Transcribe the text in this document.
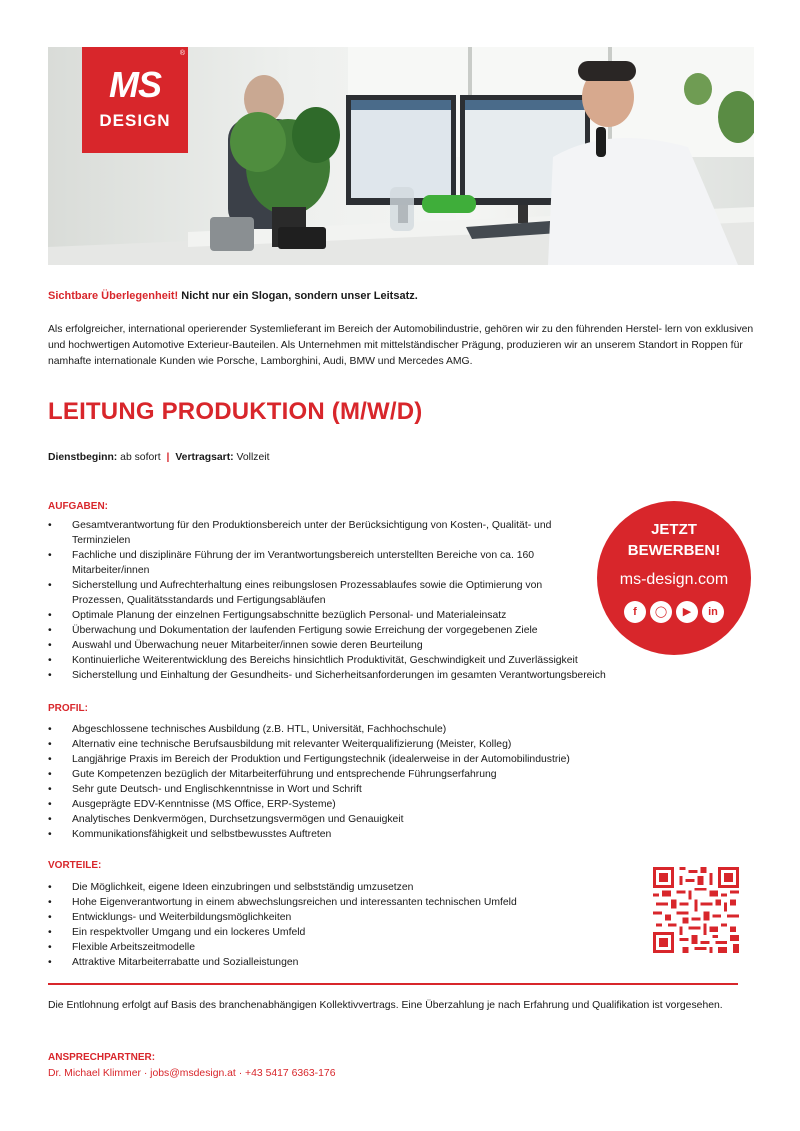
®
MS
DESIGN
Sichtbare Überlegenheit! Nicht nur ein Slogan, sondern unser Leitsatz.
Als erfolgreicher, international operierender Systemlieferant im Bereich der Automobilindustrie, gehören wir zu den führenden Herstel- lern von exklusiven und hochwertigen Automotive Exterieur-Bauteilen. Als Unternehmen mit mittelständischer Prägung, produzieren wir an unserem Standort in Roppen für namhafte internationale Kunden wie Porsche, Lamborghini, Audi, BMW und Mercedes AMG.
LEITUNG PRODUKTION (M/W/D)
Dienstbeginn: ab sofort | Vertragsart: Vollzeit
AUFGABEN:
• Gesamtverantwortung für den Produktionsbereich unter der Berücksichtigung von Kosten-, Qualität- und Terminzielen
• Fachliche und disziplinäre Führung der im Verantwortungsbereich unterstellten Bereiche von ca. 160 Mitarbeiter/innen
• Sicherstellung und Aufrechterhaltung eines reibungslosen Prozessablaufes sowie die Optimierung von Prozessen, Qualitätsstandards und Fertigungsabläufen
• Optimale Planung der einzelnen Fertigungsabschnitte bezüglich Personal- und Materialeinsatz
• Überwachung und Dokumentation der laufenden Fertigung sowie Erreichung der vorgegebenen Ziele
• Auswahl und Überwachung neuer Mitarbeiter/innen sowie deren Beurteilung
• Kontinuierliche Weiterentwicklung des Bereichs hinsichtlich Produktivität, Geschwindigkeit und Zuverlässigkeit
• Sicherstellung und Einhaltung der Gesundheits- und Sicherheitsanforderungen im gesamten Verantwortungsbereich
JETZT
BEWERBEN!
ms-design.com
f	◯	▶	in
PROFIL:
• Abgeschlossene technisches Ausbildung (z.B. HTL, Universität, Fachhochschule)
• Alternativ eine technische Berufsausbildung mit relevanter Weiterqualifizierung (Meister, Kolleg)
• Langjährige Praxis im Bereich der Produktion und Fertigungstechnik (idealerweise in der Automobilindustrie)
• Gute Kompetenzen bezüglich der Mitarbeiterführung und entsprechende Führungserfahrung
• Sehr gute Deutsch- und Englischkenntnisse in Wort und Schrift
• Ausgeprägte EDV-Kenntnisse (MS Office, ERP-Systeme)
• Analytisches Denkvermögen, Durchsetzungsvermögen und Genauigkeit
• Kommunikationsfähigkeit und selbstbewusstes Auftreten
VORTEILE:
• Die Möglichkeit, eigene Ideen einzubringen und selbstständig umzusetzen
• Hohe Eigenverantwortung in einem abwechslungsreichen und interessanten technischen Umfeld
• Entwicklungs- und Weiterbildungsmöglichkeiten
• Ein respektvoller Umgang und ein lockeres Umfeld
• Flexible Arbeitszeitmodelle
• Attraktive Mitarbeiterrabatte und Sozialleistungen
Die Entlohnung erfolgt auf Basis des branchenabhängigen Kollektivvertrags. Eine Überzahlung je nach Erfahrung und Qualifikation ist vorgesehen.
ANSPRECHPARTNER:
Dr. Michael Klimmer · jobs@msdesign.at · +43 5417 6363-176
